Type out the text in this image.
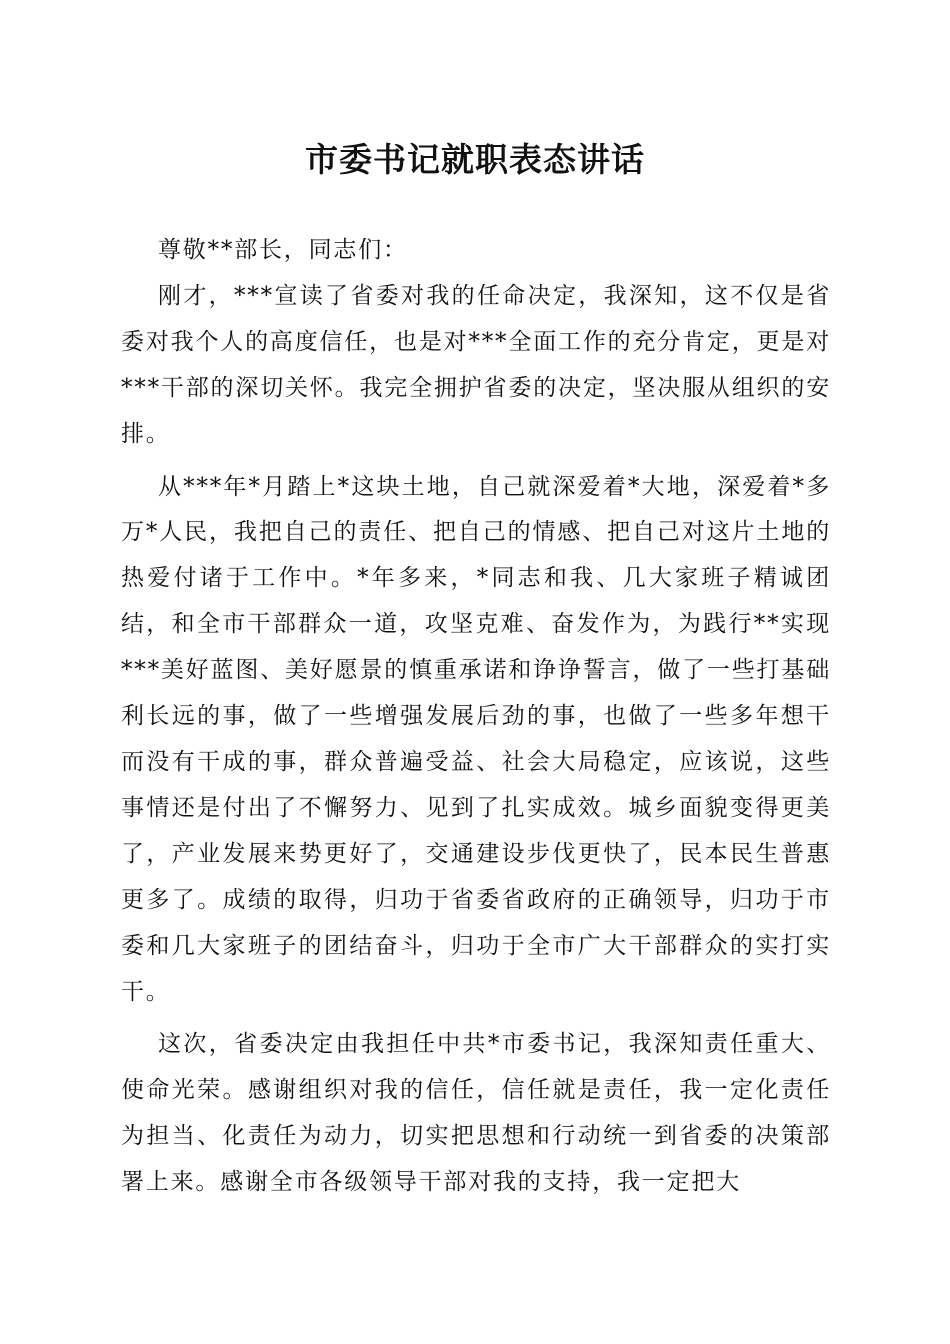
市委书记就职表态讲话

尊敬**部长，同志们：

刚才，***宣读了省委对我的任命决定，我深知，这不仅是省委对我个人的高度信任，也是对***全面工作的充分肯定，更是对***干部的深切关怀。我完全拥护省委的决定，坚决服从组织的安排。

从***年*月踏上*这块土地，自己就深爱着*大地，深爱着*多万*人民，我把自己的责任、把自己的情感、把自己对这片土地的热爱付诸于工作中。*年多来，*同志和我、几大家班子精诚团结，和全市干部群众一道，攻坚克难、奋发作为，为践行**实现***美好蓝图、美好愿景的慎重承诺和诤诤誓言，做了一些打基础利长远的事，做了一些增强发展后劲的事，也做了一些多年想干而没有干成的事，群众普遍受益、社会大局稳定，应该说，这些事情还是付出了不懈努力、见到了扎实成效。城乡面貌变得更美了，产业发展来势更好了，交通建设步伐更快了，民本民生普惠更多了。成绩的取得，归功于省委省政府的正确领导，归功于市委和几大家班子的团结奋斗，归功于全市广大干部群众的实打实干。

这次，省委决定由我担任中共*市委书记，我深知责任重大、使命光荣。感谢组织对我的信任，信任就是责任，我一定化责任为担当、化责任为动力，切实把思想和行动统一到省委的决策部署上来。感谢全市各级领导干部对我的支持，我一定把大
